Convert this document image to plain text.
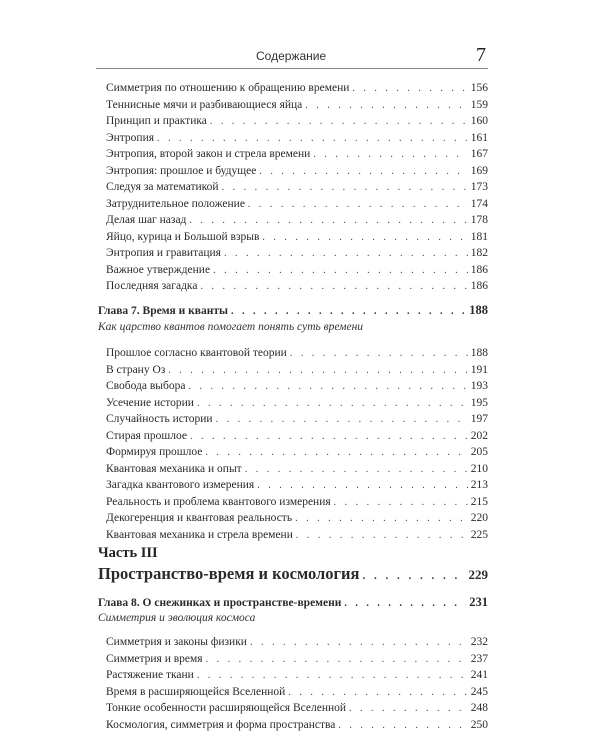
Содержание	7
Симметрия по отношению к обращению времени . . .	156
Теннисные мячи и разбивающиеся яйца . . .	159
Принцип и практика . . .	160
Энтропия . . .	161
Энтропия, второй закон и стрела времени . . .	167
Энтропия: прошлое и будущее . . .	169
Следуя за математикой . . .	173
Затруднительное положение . . .	174
Делая шаг назад . . .	178
Яйцо, курица и Большой взрыв . . .	181
Энтропия и гравитация . . .	182
Важное утверждение . . .	186
Последняя загадка . . .	186
Глава 7. Время и кванты . . .	188
Как царство квантов помогает понять суть времени
Прошлое согласно квантовой теории . . .	188
В страну Оз . . .	191
Свобода выбора . . .	193
Усечение истории . . .	195
Случайность истории . . .	197
Стирая прошлое . . .	202
Формируя прошлое . . .	205
Квантовая механика и опыт . . .	210
Загадка квантового измерения . . .	213
Реальность и проблема квантового измерения . . .	215
Декогеренция и квантовая реальность . . .	220
Квантовая механика и стрела времени . . .	225
Часть III
Пространство-время и космология . . .	229
Глава 8. О снежинках и пространстве-времени . . .	231
Симметрия и эволюция космоса
Симметрия и законы физики . . .	232
Симметрия и время . . .	237
Растяжение ткани . . .	241
Время в расширяющейся Вселенной . . .	245
Тонкие особенности расширяющейся Вселенной . . .	248
Космология, симметрия и форма пространства . . .	250
